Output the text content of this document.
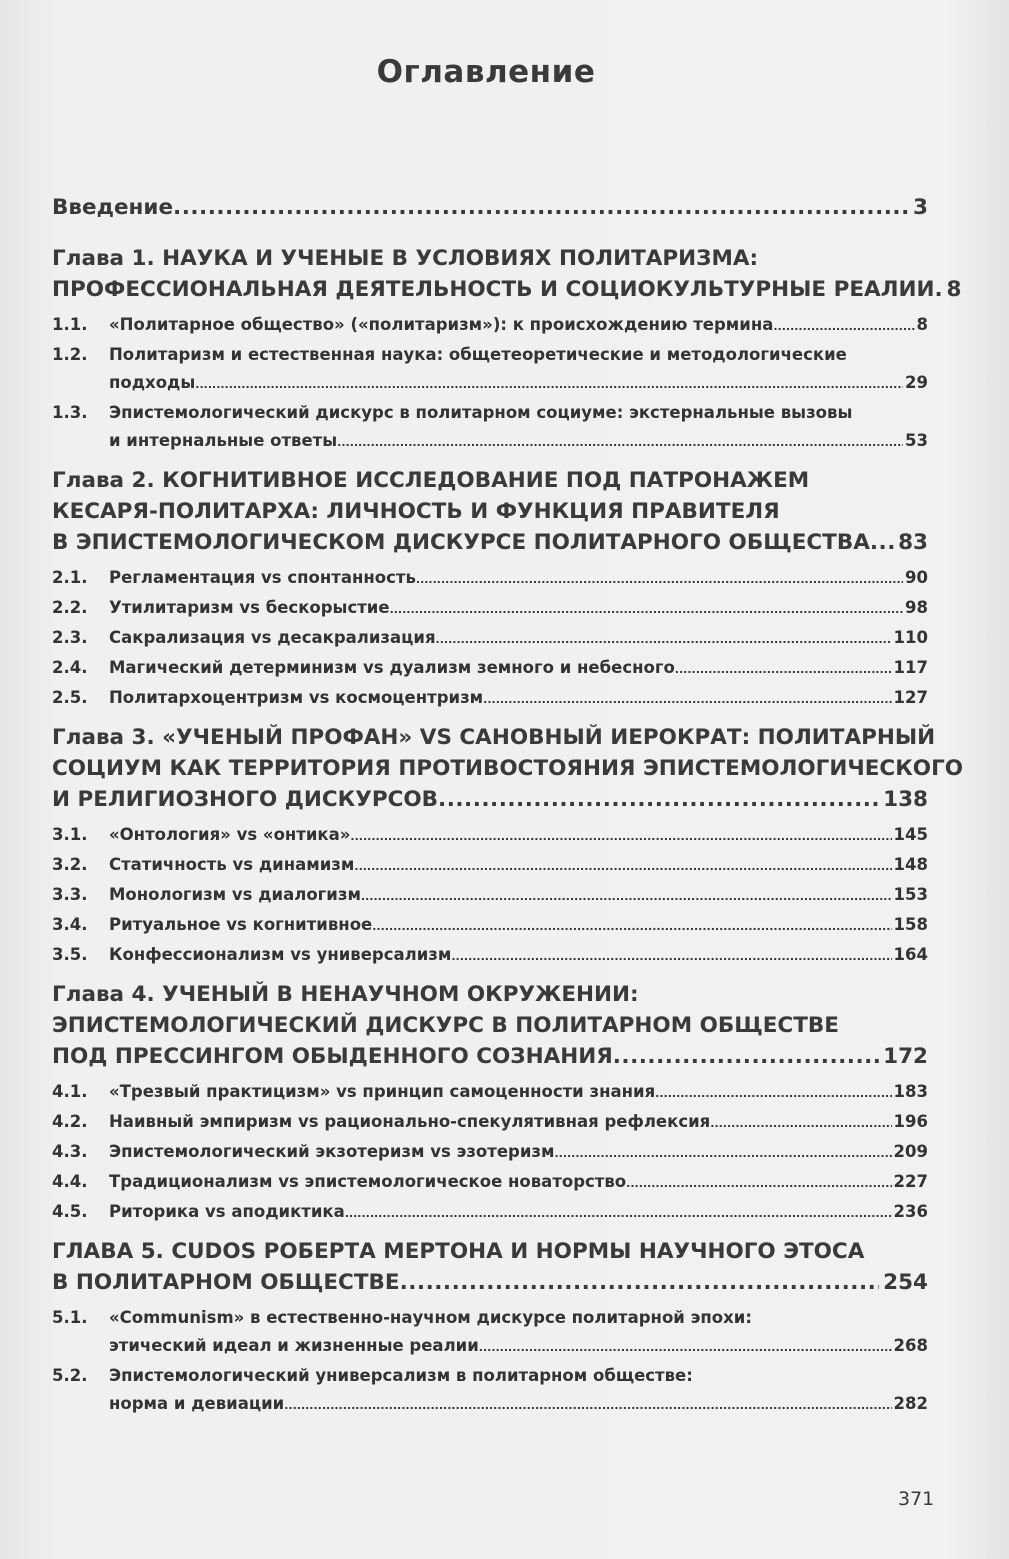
Оглавление
Введение .....	3
Глава 1. НАУКА И УЧЕНЫЕ В УСЛОВИЯХ ПОЛИТАРИЗМА:
ПРОФЕССИОНАЛЬНАЯ ДЕЯТЕЛЬНОСТЬ И СОЦИОКУЛЬТУРНЫЕ РЕАЛИИ ..... 8
1.1.	«Политарное общество» («политаризм»): к происхождению термина .....	8
1.2.	Политаризм и естественная наука: общетеоретические и методологические
подходы .....	29
1.3.	Эпистемологический дискурс в политарном социуме: экстернальные вызовы
и интернальные ответы .....	53
Глава 2. КОГНИТИВНОЕ ИССЛЕДОВАНИЕ ПОД ПАТРОНАЖЕМ
КЕСАРЯ-ПОЛИТАРХА: ЛИЧНОСТЬ И ФУНКЦИЯ ПРАВИТЕЛЯ
В ЭПИСТЕМОЛОГИЧЕСКОМ ДИСКУРСЕ ПОЛИТАРНОГО ОБЩЕСТВА ..... 83
2.1.	Регламентация vs спонтанность .....	90
2.2.	Утилитаризм vs бескорыстие .....	98
2.3.	Сакрализация vs десакрализация .....	110
2.4.	Магический детерминизм vs дуализм земного и небесного .....	117
2.5.	Политархоцентризм vs космоцентризм .....	127
Глава 3. «УЧЕНЫЙ ПРОФАН» VS САНОВНЫЙ ИЕРОКРАТ: ПОЛИТАРНЫЙ
СОЦИУМ КАК ТЕРРИТОРИЯ ПРОТИВОСТОЯНИЯ ЭПИСТЕМОЛОГИЧЕСКОГО
И РЕЛИГИОЗНОГО ДИСКУРСОВ .....	138
3.1.	«Онтология» vs «онтика» .....	145
3.2.	Статичность vs динамизм .....	148
3.3.	Монологизм vs диалогизм .....	153
3.4.	Ритуальное vs когнитивное .....	158
3.5.	Конфессионализм vs универсализм .....	164
Глава 4. УЧЕНЫЙ В НЕНАУЧНОМ ОКРУЖЕНИИ:
ЭПИСТЕМОЛОГИЧЕСКИЙ ДИСКУРС В ПОЛИТАРНОМ ОБЩЕСТВЕ
ПОД ПРЕССИНГОМ ОБЫДЕННОГО СОЗНАНИЯ .....	172
4.1.	«Трезвый практицизм» vs принцип самоценности знания .....	183
4.2.	Наивный эмпиризм vs рационально-спекулятивная рефлексия .....	196
4.3.	Эпистемологический экзотеризм vs эзотеризм .....	209
4.4.	Традиционализм vs эпистемологическое новаторство .....	227
4.5.	Риторика vs аподиктика .....	236
ГЛАВА 5. CUDOS РОБЕРТА МЕРТОНА И НОРМЫ НАУЧНОГО ЭТОСА
В ПОЛИТАРНОМ ОБЩЕСТВЕ .....	254
5.1.	«Communism» в естественно-научном дискурсе политарной эпохи:
этический идеал и жизненные реалии .....	268
5.2.	Эпистемологический универсализм в политарном обществе:
норма и девиации .....	282
371
